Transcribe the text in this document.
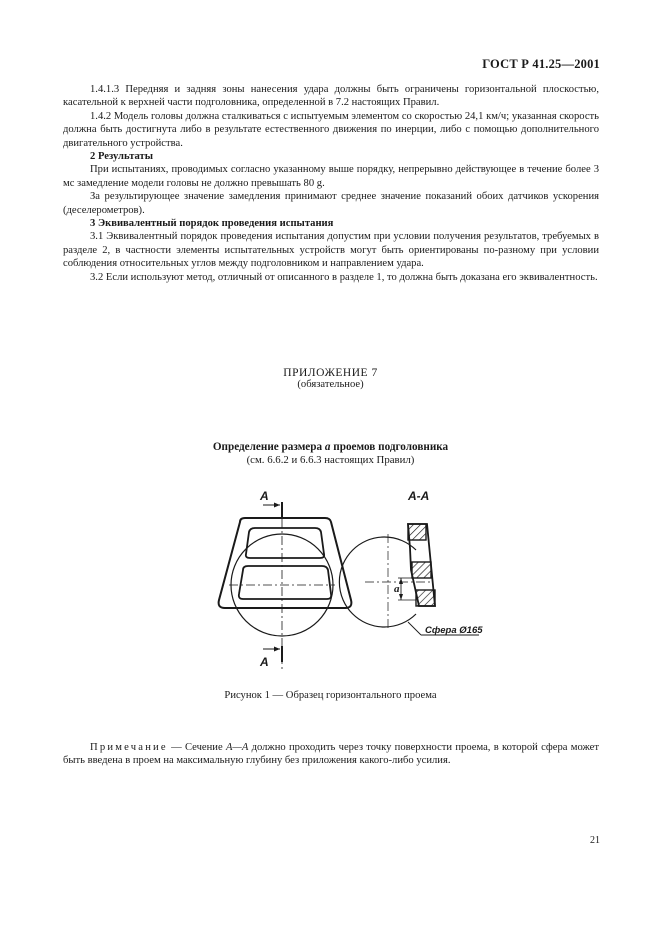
ГОСТ Р 41.25—2001

1.4.1.3 Передняя и задняя зоны нанесения удара должны быть ограничены горизонтальной плоскостью, касательной к верхней части подголовника, определенной в 7.2 настоящих Правил.

1.4.2 Модель головы должна сталкиваться с испытуемым элементом со скоростью 24,1 км/ч; указанная скорость должна быть достигнута либо в результате естественного движения по инерции, либо с помощью дополнительного двигательного устройства.

2 Результаты

При испытаниях, проводимых согласно указанному выше порядку, непрерывно действующее в течение более 3 мс замедление модели головы не должно превышать 80 g.

За результирующее значение замедления принимают среднее значение показаний обоих датчиков ускорения (деселерометров).

3 Эквивалентный порядок проведения испытания

3.1 Эквивалентный порядок проведения испытания допустим при условии получения результатов, требуемых в разделе 2, в частности элементы испытательных устройств могут быть ориентированы по-разному при условии соблюдения относительных углов между подголовником и направлением удара.

3.2 Если используют метод, отличный от описанного в разделе 1, то должна быть доказана его эквивалентность.

ПРИЛОЖЕНИЕ 7
(обязательное)
Определение размера a проемов подголовника
(см. 6.6.2 и 6.6.3 настоящих Правил)
А
А
А-А
a
Сфера Ø165
Рисунок 1 — Образец горизонтального проема

Примечание — Сечение А—А должно проходить через точку поверхности проема, в которой сфера может быть введена в проем на максимальную глубину без приложения какого-либо усилия.

21
